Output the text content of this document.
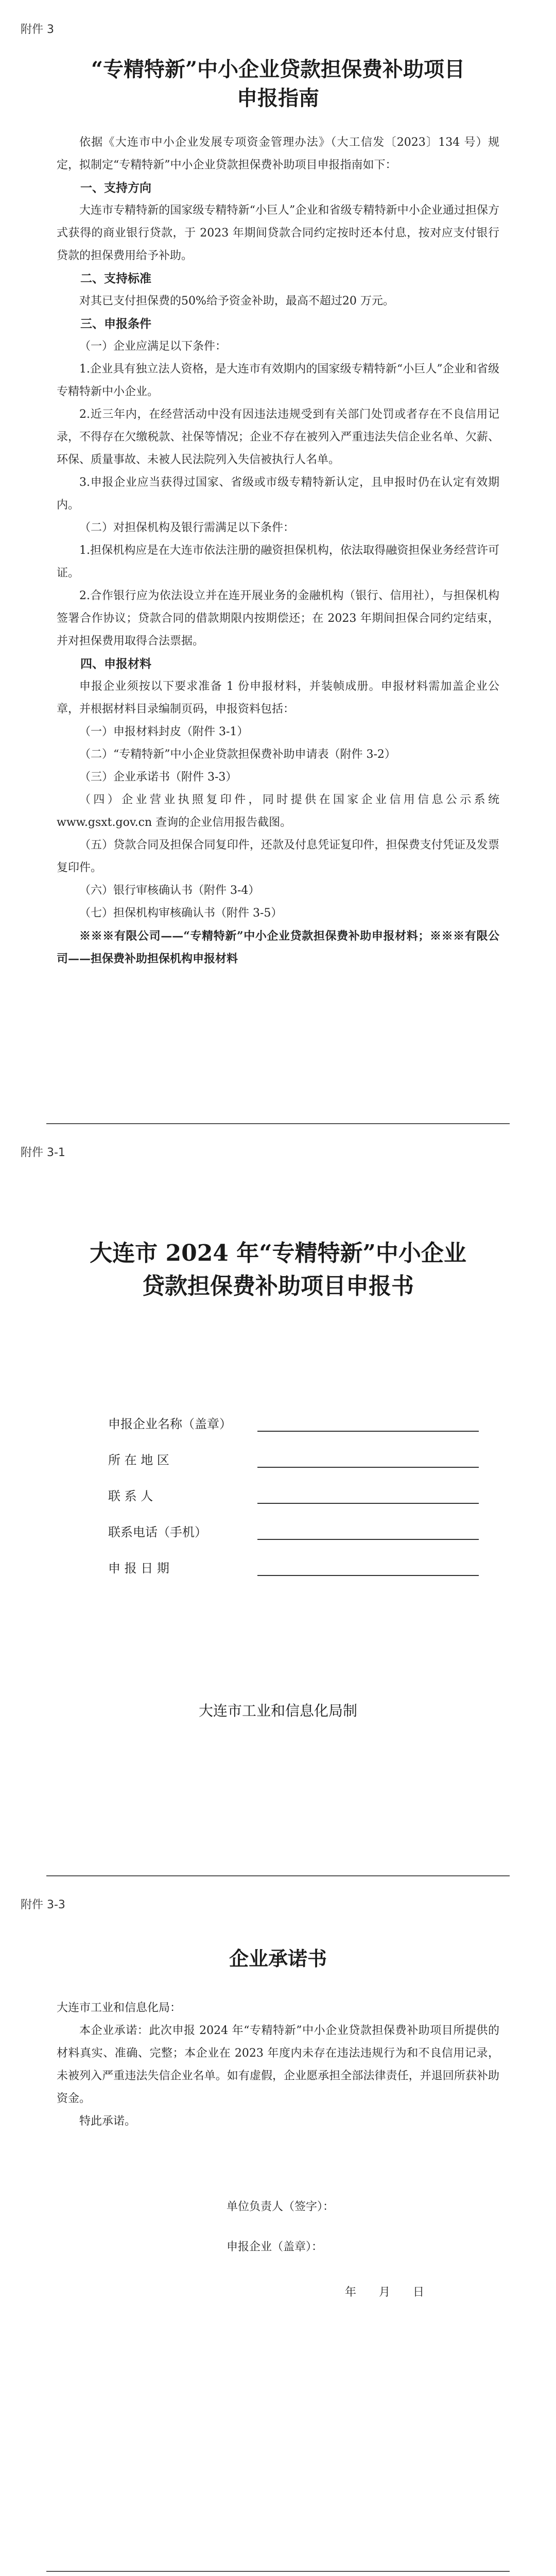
附件 3
“专精特新”中小企业贷款担保费补助项目
申报指南

依据《大连市中小企业发展专项资金管理办法》（大工信发〔2023〕134 号）规定，拟制定“专精特新”中小企业贷款担保费补助项目申报指南如下：

一、支持方向

大连市专精特新的国家级专精特新“小巨人”企业和省级专精特新中小企业通过担保方式获得的商业银行贷款，于 2023 年期间贷款合同约定按时还本付息，按对应支付银行贷款的担保费用给予补助。

二、支持标准

对其已支付担保费的50%给予资金补助，最高不超过20 万元。

三、申报条件

（一）企业应满足以下条件：

1.企业具有独立法人资格，是大连市有效期内的国家级专精特新“小巨人”企业和省级专精特新中小企业。

2.近三年内，在经营活动中没有因违法违规受到有关部门处罚或者存在不良信用记录，不得存在欠缴税款、社保等情况；企业不存在被列入严重违法失信企业名单、欠薪、环保、质量事故、未被人民法院列入失信被执行人名单。

3.申报企业应当获得过国家、省级或市级专精特新认定，且申报时仍在认定有效期内。

（二）对担保机构及银行需满足以下条件：

1.担保机构应是在大连市依法注册的融资担保机构，依法取得融资担保业务经营许可证。

2.合作银行应为依法设立并在连开展业务的金融机构（银行、信用社），与担保机构签署合作协议；贷款合同的借款期限内按期偿还；在 2023 年期间担保合同约定结束，并对担保费用取得合法票据。

四、申报材料

申报企业须按以下要求准备 1 份申报材料，并装帧成册。申报材料需加盖企业公章，并根据材料目录编制页码，申报资料包括：

（一）申报材料封皮（附件 3-1）

（二）“专精特新”中小企业贷款担保费补助申请表（附件 3-2）

（三）企业承诺书（附件 3-3）

（四）企业营业执照复印件，同时提供在国家企业信用信息公示系统 www.gsxt.gov.cn 查询的企业信用报告截图。

（五）贷款合同及担保合同复印件，还款及付息凭证复印件，担保费支付凭证及发票复印件。

（六）银行审核确认书（附件 3-4）

（七）担保机构审核确认书（附件 3-5）

※※※有限公司——“专精特新”中小企业贷款担保费补助申报材料；※※※有限公司——担保费补助担保机构申报材料

附件 3-1
大连市 2024 年“专精特新”中小企业
贷款担保费补助项目申报书
申报企业名称（盖章）
所 在 地 区
联 系 人
联系电话（手机）
申 报 日 期
大连市工业和信息化局制
附件 3-3
企业承诺书

大连市工业和信息化局：

本企业承诺：此次申报 2024 年“专精特新”中小企业贷款担保费补助项目所提供的材料真实、准确、完整；本企业在 2023 年度内未存在违法违规行为和不良信用记录，未被列入严重违法失信企业名单。如有虚假，企业愿承担全部法律责任，并退回所获补助资金。

特此承诺。

单位负责人（签字）：
申报企业（盖章）：
年　　月　　日
